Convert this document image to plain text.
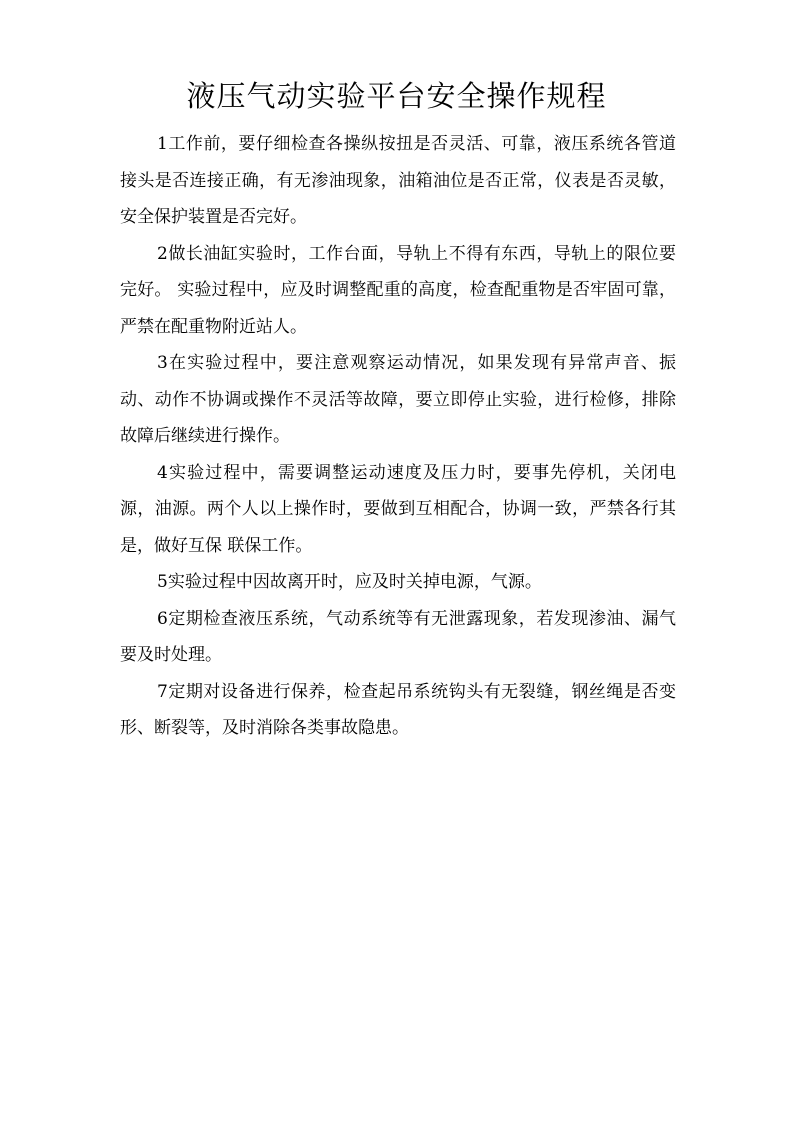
液压气动实验平台安全操作规程

1工作前，要仔细检查各操纵按扭是否灵活、可靠，液压系统各管道接头是否连接正确，有无渗油现象，油箱油位是否正常，仪表是否灵敏，安全保护装置是否完好。

2做长油缸实验时，工作台面，导轨上不得有东西，导轨上的限位要完好。 实验过程中，应及时调整配重的高度，检查配重物是否牢固可靠，严禁在配重物附近站人。

3在实验过程中，要注意观察运动情况，如果发现有异常声音、振动、动作不协调或操作不灵活等故障，要立即停止实验，进行检修，排除故障后继续进行操作。

4实验过程中，需要调整运动速度及压力时，要事先停机，关闭电源，油源。两个人以上操作时，要做到互相配合，协调一致，严禁各行其是，做好互保 联保工作。

5实验过程中因故离开时，应及时关掉电源，气源。

6定期检查液压系统，气动系统等有无泄露现象，若发现渗油、漏气要及时处理。

7定期对设备进行保养，检查起吊系统钩头有无裂缝，钢丝绳是否变形、断裂等，及时消除各类事故隐患。
